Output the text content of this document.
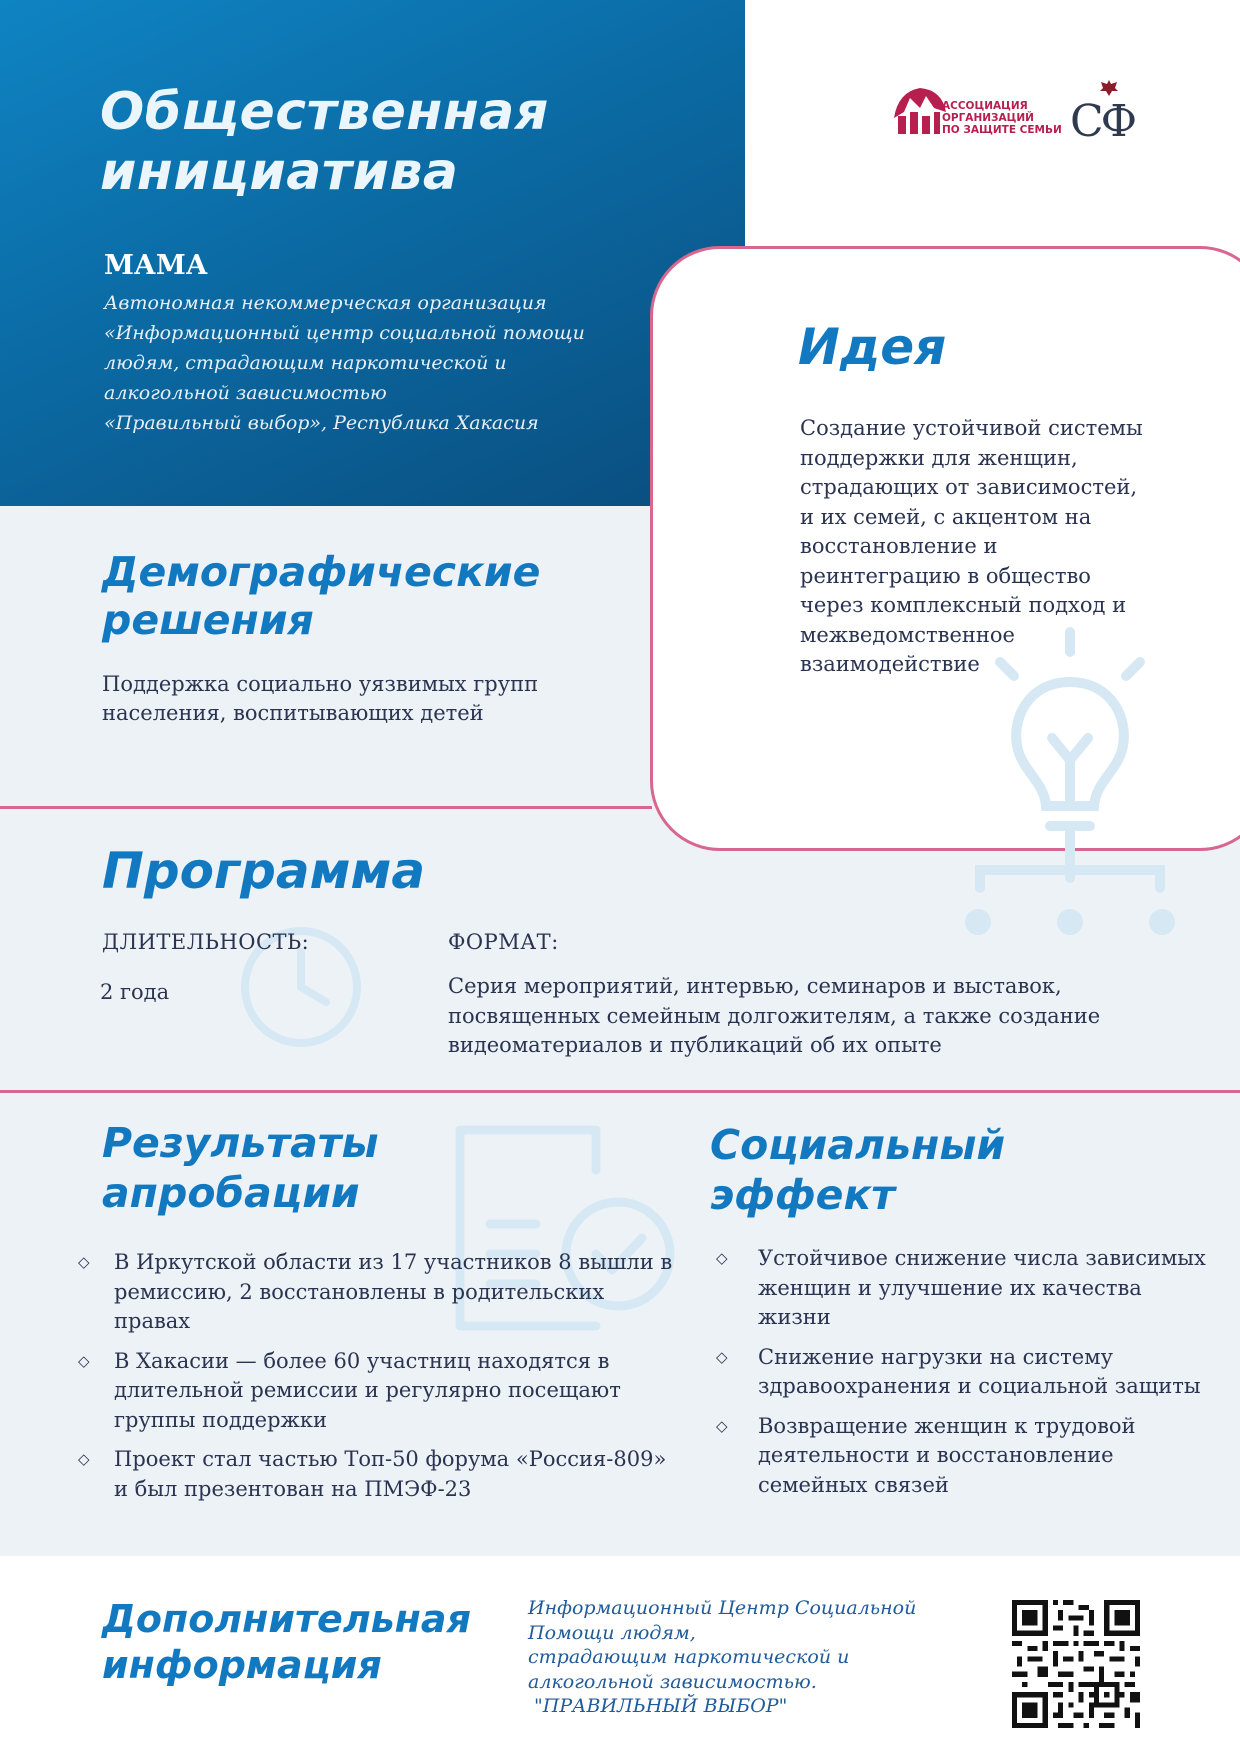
Общественная
инициатива
МАМА
Автономная некоммерческая организация
«Информационный центр социальной помощи
людям, страдающим наркотической и
алкогольной зависимостью
«Правильный выбор», Республика Хакасия
АССОЦИАЦИЯ
ОРГАНИЗАЦИЙ
ПО ЗАЩИТЕ СЕМЬИ СФ
Идея
Создание устойчивой системы
поддержки для женщин,
страдающих от зависимостей,
и их семей, с акцентом на
восстановление и
реинтеграцию в общество
через комплексный подход и
межведомственное
взаимодействие
Демографические
решения
Поддержка социально уязвимых групп
населения, воспитывающих детей
Программа
ДЛИТЕЛЬНОСТЬ:
2 года
ФОРМАТ:
Серия мероприятий, интервью, семинаров и выставок,
посвященных семейным долгожителям, а также создание
видеоматериалов и публикаций об их опыте
Результаты
апробации
◇ В Иркутской области из 17 участников 8 вышли в ремиссию, 2 восстановлены в родительских правах
◇ В Хакасии — более 60 участниц находятся в длительной ремиссии и регулярно посещают группы поддержки
◇ Проект стал частью Топ-50 форума «Россия-809» и был презентован на ПМЭФ-23
Социальный
эффект
◇ Устойчивое снижение числа зависимых женщин и улучшение их качества жизни
◇ Снижение нагрузки на систему здравоохранения и социальной защиты
◇ Возвращение женщин к трудовой деятельности и восстановление семейных связей
Дополнительная
информация
Информационный Центр Социальной
Помощи людям,
страдающим наркотической и
алкогольной зависимостью.
"ПРАВИЛЬНЫЙ ВЫБОР"
